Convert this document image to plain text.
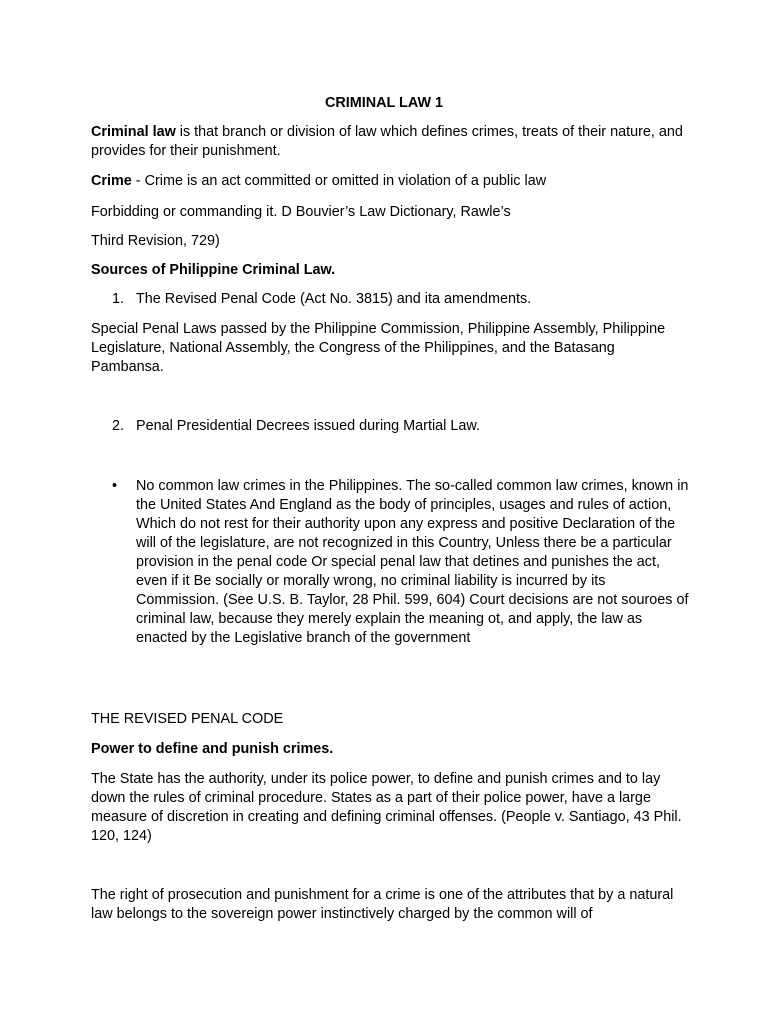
CRIMINAL LAW 1

Criminal law is that branch or division of law which defines crimes, treats of their nature, and provides for their punishment.

Crime - Crime is an act committed or omitted in violation of a public law

Forbidding or commanding it. D Bouvier’s Law Dictionary, Rawle’s

Third Revision, 729)

Sources of Philippine Criminal Law.

1. The Revised Penal Code (Act No. 3815) and ita amendments.

Special Penal Laws passed by the Philippine Commission, Philippine Assembly, Philippine Legislature, National Assembly, the Congress of the Philippines, and the Batasang Pambansa.

2. Penal Presidential Decrees issued during Martial Law.

•	No common law crimes in the Philippines. The so-called common law crimes, known in the United States And England as the body of principles, usages and rules of action, Which do not rest for their authority upon any express and positive Declaration of the will of the legislature, are not recognized in this Country, Unless there be a particular provision in the penal code Or special penal law that detines and punishes the act, even if it Be socially or morally wrong, no criminal liability is incurred by its Commission. (See U.S. B. Taylor, 28 Phil. 599, 604) Court decisions are not souroes of criminal law, because they merely explain the meaning ot, and apply, the law as enacted by the Legislative branch of the government

THE REVISED PENAL CODE

Power to define and punish crimes.

The State has the authority, under its police power, to define and punish crimes and to lay down the rules of criminal procedure. States as a part of their police power, have a large measure of discretion in creating and defining criminal offenses. (People v. Santiago, 43 Phil. 120, 124)

The right of prosecution and punishment for a crime is one of the attributes that by a natural law belongs to the sovereign power instinctively charged by the common will of
